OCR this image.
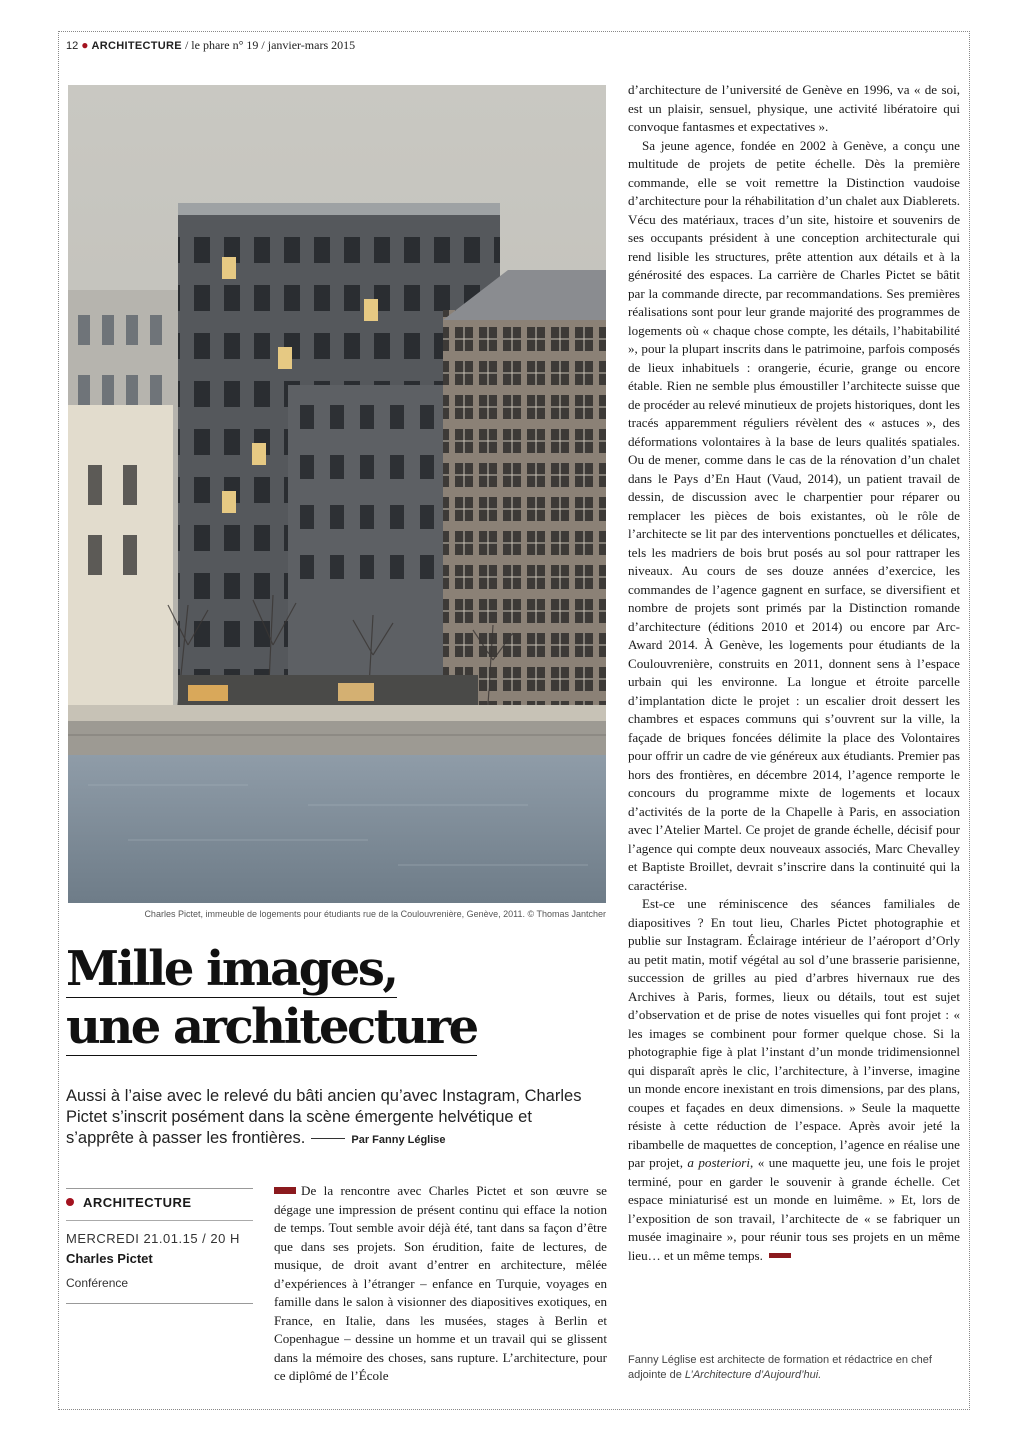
12 ● ARCHITECTURE / le phare n° 19 / janvier-mars 2015
Charles Pictet, immeuble de logements pour étudiants rue de la Coulouvrenière, Genève, 2011. © Thomas Jantcher
Mille images,
une architecture
Aussi à l’aise avec le relevé du bâti ancien qu’avec Instagram, Charles Pictet s’inscrit posément dans la scène émergente helvétique et s’apprête à passer les frontières.	Par Fanny Léglise
ARCHITECTURE
MERCREDI 21.01.15 / 20 H
Charles Pictet
Conférence

De la rencontre avec Charles Pictet et son œuvre se dégage une impression de présent continu qui efface la notion de temps. Tout semble avoir déjà été, tant dans sa façon d’être que dans ses projets. Son érudition, faite de lectures, de musique, de droit avant d’entrer en architecture, mêlée d’expériences à l’étranger – enfance en Turquie, voyages en famille dans le salon à visionner des diapositives exotiques, en France, en Italie, dans les musées, stages à Berlin et Copenhague – dessine un homme et un travail qui se glissent dans la mémoire des choses, sans rupture. L’architecture, pour ce diplômé de l’École

d’architecture de l’université de Genève en 1996, va « de soi, est un plaisir, sensuel, physique, une activité libératoire qui convoque fantasmes et expectatives ».

Sa jeune agence, fondée en 2002 à Genève, a conçu une multitude de projets de petite échelle. Dès la première commande, elle se voit remettre la Distinction vaudoise d’architecture pour la réhabilitation d’un chalet aux Diablerets. Vécu des matériaux, traces d’un site, histoire et souvenirs de ses occupants président à une conception architecturale qui rend lisible les structures, prête attention aux détails et à la générosité des espaces. La carrière de Charles Pictet se bâtit par la commande directe, par recommandations. Ses premières réalisations sont pour leur grande majorité des programmes de logements où « chaque chose compte, les détails, l’habitabilité », pour la plupart inscrits dans le patrimoine, parfois composés de lieux inhabituels : orangerie, écurie, grange ou encore étable. Rien ne semble plus émoustiller l’architecte suisse que de procéder au relevé minutieux de projets historiques, dont les tracés apparemment réguliers révèlent des « astuces », des déformations volontaires à la base de leurs qualités spatiales. Ou de mener, comme dans le cas de la rénovation d’un chalet dans le Pays d’En Haut (Vaud, 2014), un patient travail de dessin, de discussion avec le charpentier pour réparer ou remplacer les pièces de bois existantes, où le rôle de l’architecte se lit par des interventions ponctuelles et délicates, tels les madriers de bois brut posés au sol pour rattraper les niveaux. Au cours de ses douze années d’exercice, les commandes de l’agence gagnent en surface, se diversifient et nombre de projets sont primés par la Distinction romande d’architecture (éditions 2010 et 2014) ou encore par Arc-Award 2014. À Genève, les logements pour étudiants de la Coulouvrenière, construits en 2011, donnent sens à l’espace urbain qui les environne. La longue et étroite parcelle d’implantation dicte le projet : un escalier droit dessert les chambres et espaces communs qui s’ouvrent sur la ville, la façade de briques foncées délimite la place des Volontaires pour offrir un cadre de vie généreux aux étudiants. Premier pas hors des frontières, en décembre 2014, l’agence remporte le concours du programme mixte de logements et locaux d’activités de la porte de la Chapelle à Paris, en association avec l’Atelier Martel. Ce projet de grande échelle, décisif pour l’agence qui compte deux nouveaux associés, Marc Chevalley et Baptiste Broillet, devrait s’inscrire dans la continuité qui la caractérise.

Est-ce une réminiscence des séances familiales de diapositives ? En tout lieu, Charles Pictet photographie et publie sur Instagram. Éclairage intérieur de l’aéroport d’Orly au petit matin, motif végétal au sol d’une brasserie parisienne, succession de grilles au pied d’arbres hivernaux rue des Archives à Paris, formes, lieux ou détails, tout est sujet d’observation et de prise de notes visuelles qui font projet : « les images se combinent pour former quelque chose. Si la photographie fige à plat l’instant d’un monde tridimensionnel qui disparaît après le clic, l’architecture, à l’inverse, imagine un monde encore inexistant en trois dimensions, par des plans, coupes et façades en deux dimensions. » Seule la maquette résiste à cette réduction de l’espace. Après avoir jeté la ribambelle de maquettes de conception, l’agence en réalise une par projet, a posteriori, « une maquette jeu, une fois le projet terminé, pour en garder le souvenir à grande échelle. Cet espace miniaturisé est un monde en luimême. » Et, lors de l’exposition de son travail, l’architecte de « se fabriquer un musée imaginaire », pour réunir tous ses projets en un même lieu… et un même temps.

Fanny Léglise est architecte de formation et rédactrice en chef adjointe de L’Architecture d’Aujourd’hui.
